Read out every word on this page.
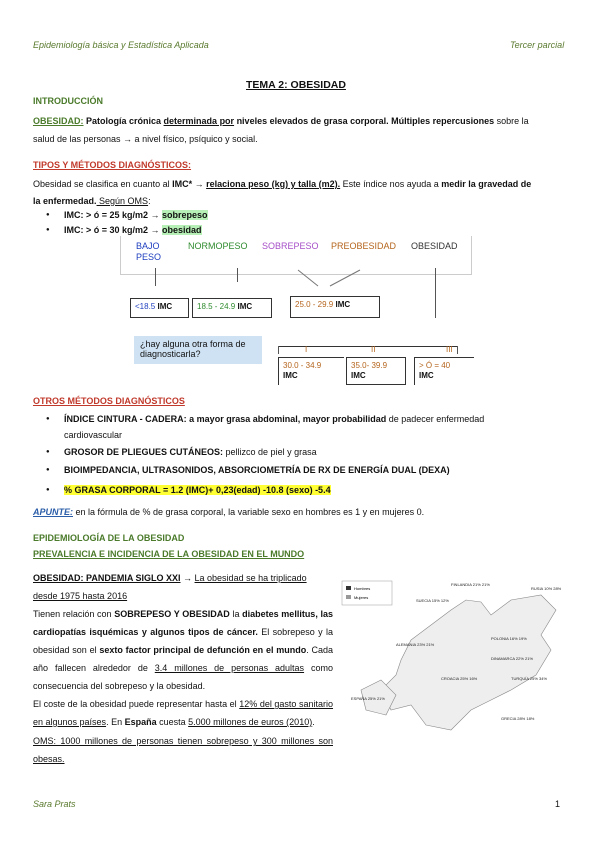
Epidemiología básica y Estadística Aplicada	Tercer parcial
TEMA 2: OBESIDAD
INTRODUCCIÓN
OBESIDAD: Patología crónica determinada por niveles elevados de grasa corporal. Múltiples repercusiones sobre la
salud de las personas → a nivel físico, psíquico y social.
TIPOS Y MÉTODOS DIAGNÓSTICOS:
Obesidad se clasifica en cuanto al IMC* → relaciona peso (kg) y talla (m2). Este índice nos ayuda a medir la gravedad de
la enfermedad. Según OMS:
● IMC: > ó = 25 kg/m2 → sobrepeso
● IMC: > ó = 30 kg/m2 → obesidad
BAJO
PESO
NORMOPESO SOBREPESO PREOBESIDAD OBESIDAD
<18.5 IMC	18.5 - 24.9 IMC	25.0 - 29.9 IMC
¿hay alguna otra forma de diagnosticarla?	I	II	III
30.0 - 34.9
IMC
35.0- 39.9
IMC
> Ó = 40
IMC
OTROS MÉTODOS DIAGNÓSTICOS
● ÍNDICE CINTURA - CADERA: a mayor grasa abdominal, mayor probabilidad de padecer enfermedad
cardiovascular
● GROSOR DE PLIEGUES CUTÁNEOS: pellizco de piel y grasa
● BIOIMPEDANCIA, ULTRASONIDOS, ABSORCIOMETRÍA DE RX DE ENERGÍA DUAL (DEXA)
● % GRASA CORPORAL = 1.2 (IMC)+ 0,23(edad) -10.8 (sexo) -5.4
APUNTE: en la fórmula de % de grasa corporal, la variable sexo en hombres es 1 y en mujeres 0.
EPIDEMIOLOGÍA DE LA OBESIDAD
PREVALENCIA E INCIDENCIA DE LA OBESIDAD EN EL MUNDO
OBESIDAD: PANDEMIA SIGLO XXI → La obesidad se ha triplicado
desde 1975 hasta 2016
Tienen relación con SOBREPESO Y OBESIDAD la diabetes mellitus, las cardiopatías isquémicas y algunos tipos de cáncer. El sobrepeso y la obesidad son el sexto factor principal de defunción en el mundo. Cada año fallecen alrededor de 3.4 millones de personas adultas como consecuencia del sobrepeso y la obesidad.
El coste de la obesidad puede representar hasta el 12% del gasto sanitario en algunos países. En España cuesta 5.000 millones de euros (2010).
OMS: 1000 millones de personas tienen sobrepeso y 300 millones son obesas.
Hombres
Mujeres
FINLANDIA 21% 21%
RUSIA 10% 28%
SUECIA 15% 12%
ALEMANIA 23% 21%
POLONIA 16% 19%
DINAMARCA 22% 21%
CROACIA 25% 16%
ESPAÑA 25% 21%
TURQUÍA 25% 34%
GRECIA 28% 18%
Sara Prats	1
